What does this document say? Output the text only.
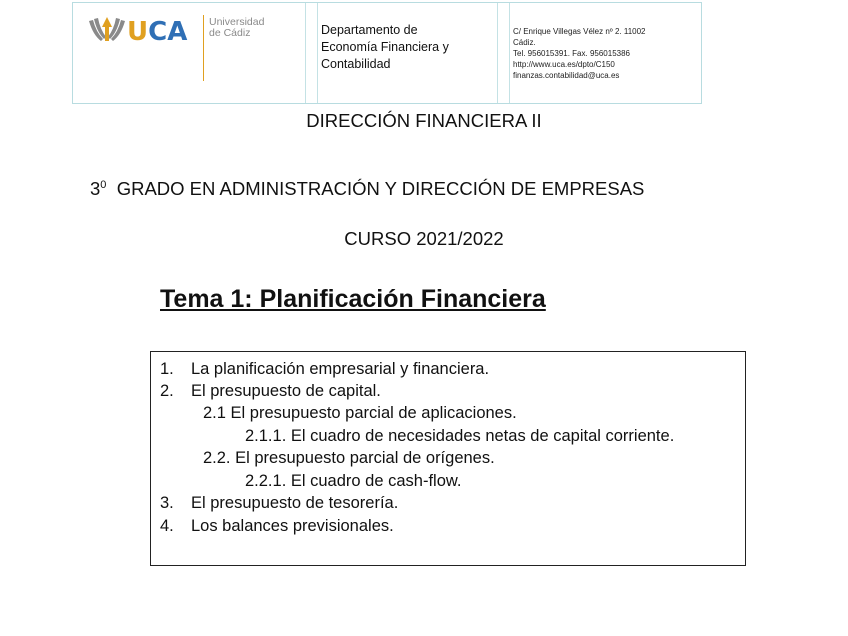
UCA Universidad
de Cádiz	Departamento de
Economía Financiera y
Contabilidad
C/ Enrique Villegas Vélez nº 2. 11002
Cádiz.
Tel. 956015391. Fax. 956015386
http://www.uca.es/dpto/C150
finanzas.contabilidad@uca.es
DIRECCIÓN FINANCIERA II
$3^0$ GRADO EN ADMINISTRACIÓN Y DIRECCIÓN DE EMPRESAS
CURSO 2021/2022
Tema 1: Planificación Financiera
1. La planificación empresarial y financiera.
2. El presupuesto de capital.
2.1 El presupuesto parcial de aplicaciones.
2.1.1. El cuadro de necesidades netas de capital corriente.
2.2. El presupuesto parcial de orígenes.
2.2.1. El cuadro de cash-flow.
3. El presupuesto de tesorería.
4. Los balances previsionales.
